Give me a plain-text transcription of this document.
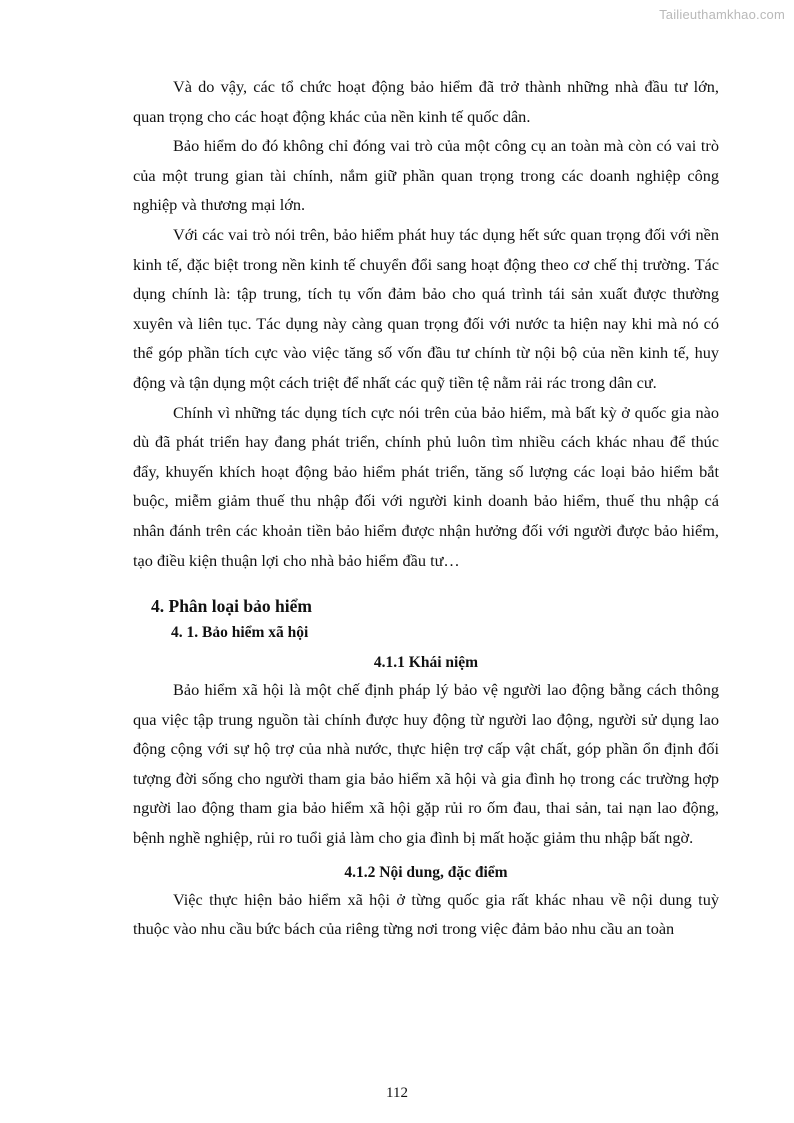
Tailieuthamkhao.com

Và do vậy, các tổ chức hoạt động bảo hiểm đã trở thành những nhà đầu tư lớn, quan trọng cho các hoạt động khác của nền kinh tế quốc dân.

Bảo hiểm do đó không chỉ đóng vai trò của một công cụ an toàn mà còn có vai trò của một trung gian tài chính, nắm giữ phần quan trọng trong các doanh nghiệp công nghiệp và thương mại lớn.

Với các vai trò nói trên, bảo hiểm phát huy tác dụng hết sức quan trọng đối với nền kinh tế, đặc biệt trong nền kinh tế chuyển đổi sang hoạt động theo cơ chế thị trường. Tác dụng chính là: tập trung, tích tụ vốn đảm bảo cho quá trình tái sản xuất được thường xuyên và liên tục. Tác dụng này càng quan trọng đối với nước ta hiện nay khi mà nó có thể góp phần tích cực vào việc tăng số vốn đầu tư chính từ nội bộ của nền kinh tế, huy động và tận dụng một cách triệt để nhất các quỹ tiền tệ nằm rải rác trong dân cư.

Chính vì những tác dụng tích cực nói trên của bảo hiểm, mà bất kỳ ở quốc gia nào dù đã phát triển hay đang phát triển, chính phủ luôn tìm nhiều cách khác nhau để thúc đẩy, khuyến khích hoạt động bảo hiểm phát triển, tăng số lượng các loại bảo hiểm bắt buộc, miễm giảm thuế thu nhập đối với người kinh doanh bảo hiểm, thuế thu nhập cá nhân đánh trên các khoản tiền bảo hiểm được nhận hưởng đối với người được bảo hiểm, tạo điều kiện thuận lợi cho nhà bảo hiểm đầu tư…

4. Phân loại bảo hiểm
4. 1. Bảo hiểm xã hội
4.1.1 Khái niệm

Bảo hiểm xã hội là một chế định pháp lý bảo vệ người lao động bằng cách thông qua việc tập trung nguồn tài chính được huy động từ người lao động, người sử dụng lao động cộng với sự hộ trợ của nhà nước, thực hiện trợ cấp vật chất, góp phần ổn định đối tượng đời sống cho người tham gia bảo hiểm xã hội và gia đình họ trong các trường hợp người lao động tham gia bảo hiểm xã hội gặp rủi ro ốm đau, thai sản, tai nạn lao động, bệnh nghề nghiệp, rủi ro tuổi giả làm cho gia đình bị mất hoặc giảm thu nhập bất ngờ.

4.1.2 Nội dung, đặc điểm

Việc thực hiện bảo hiểm xã hội ở từng quốc gia rất khác nhau về nội dung tuỳ thuộc vào nhu cầu bức bách của riêng từng nơi trong việc đảm bảo nhu cầu an toàn

112
